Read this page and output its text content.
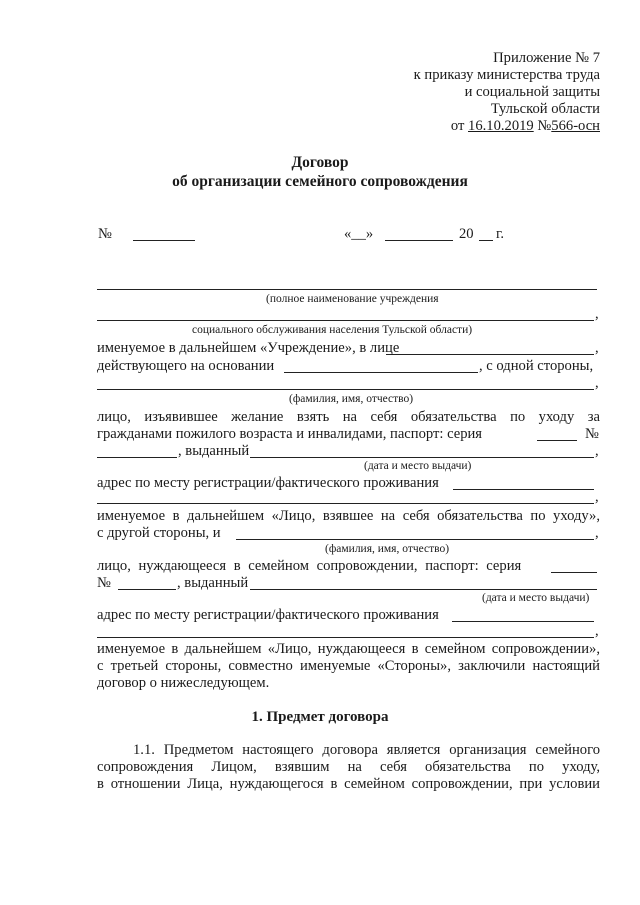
Приложение № 7
к приказу министерства труда
и социальной защиты
Тульской области
от 16.10.2019 №566-осн
Договор
об организации семейного сопровождения
№	«__»	20 г.
(полное наименование учреждения
,
социального обслуживания населения Тульской области)
именуемое в дальнейшем «Учреждение», в лице	,
действующего на основании	, с одной стороны,
,
(фамилия, имя, отчество)
лицо, изъявившее желание взять на себя обязательства по уходу за
гражданами пожилого возраста и инвалидами, паспорт: серия	№
, выданный	,
(дата и место выдачи)
адрес по месту регистрации/фактического проживания
,
именуемое в дальнейшем «Лицо, взявшее на себя обязательства по уходу»,
с другой стороны, и	,
(фамилия, имя, отчество)
лицо, нуждающееся в семейном сопровождении, паспорт: серия
№	, выданный
(дата и место выдачи)
адрес по месту регистрации/фактического проживания
,
именуемое в дальнейшем «Лицо, нуждающееся в семейном сопровождении»,
с третьей стороны, совместно именуемые «Стороны», заключили настоящий
договор о нижеследующем.
1. Предмет договора
1.1. Предметом настоящего договора является организация семейного
сопровождения Лицом, взявшим на себя обязательства по уходу,
в отношении Лица, нуждающегося в семейном сопровождении, при условии
